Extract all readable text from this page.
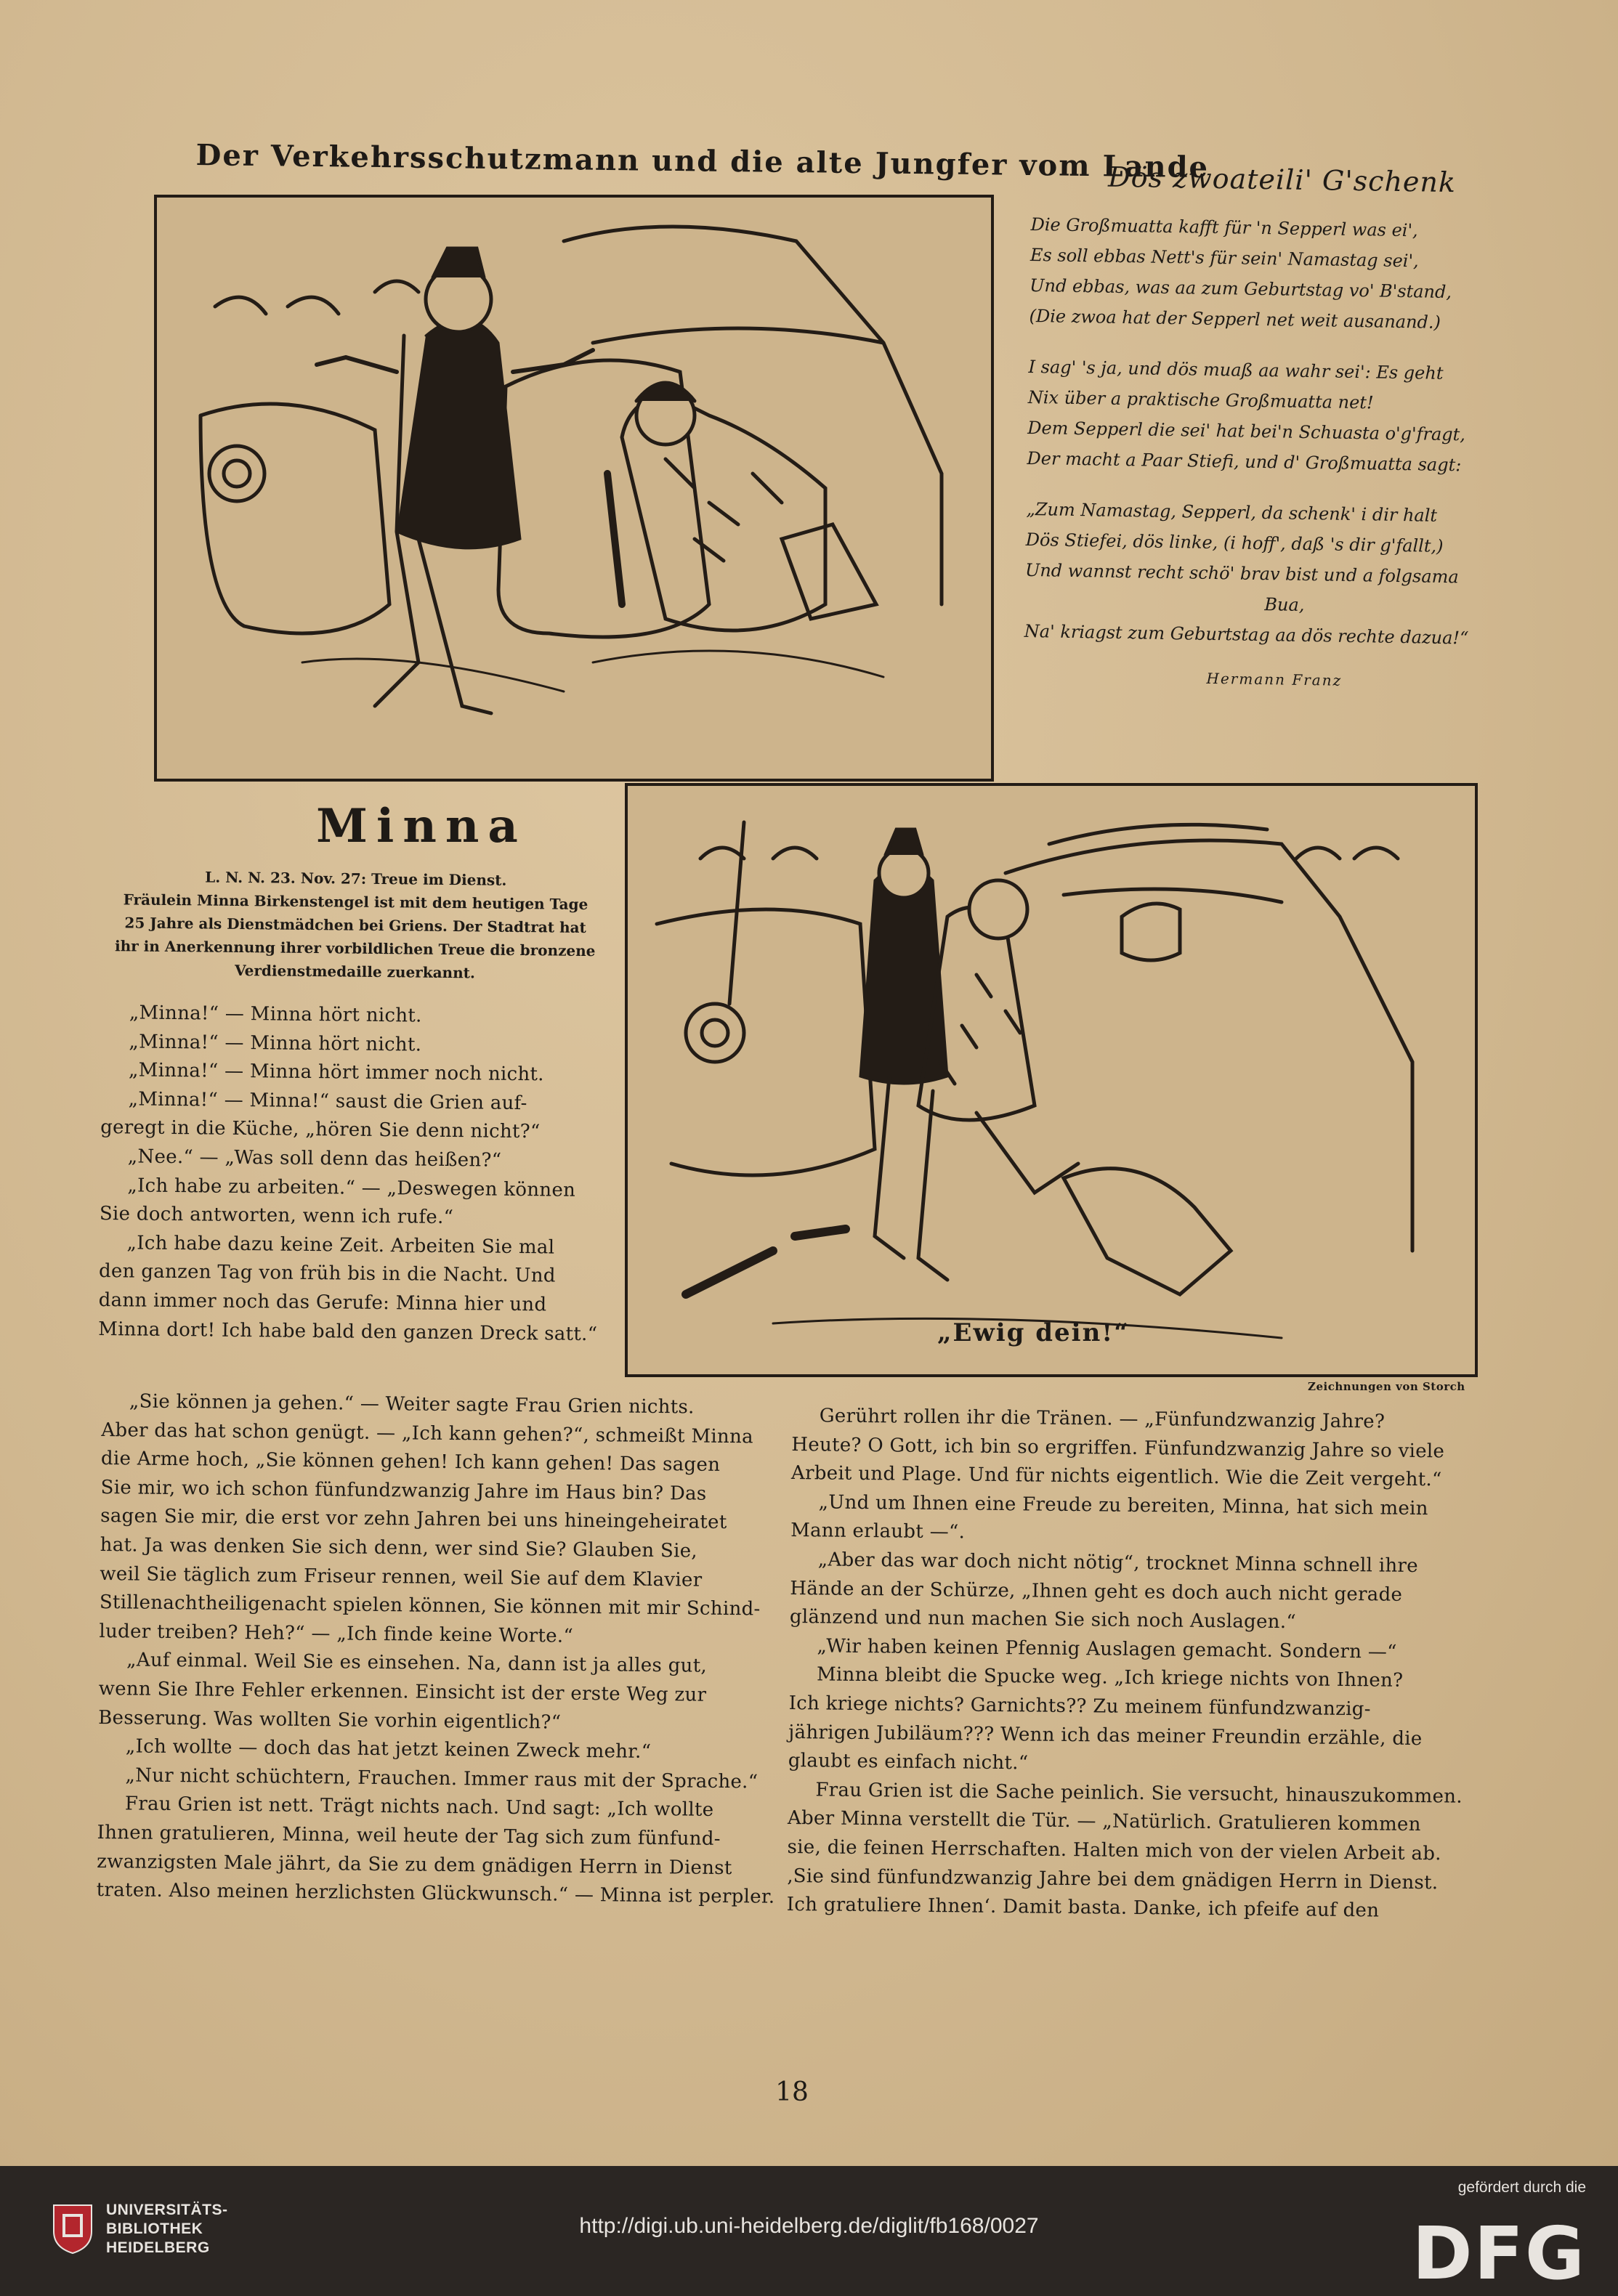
Der Verkehrsschutzmann und die alte Jungfer vom Lande
Dös zwoateili' G'schenk
Die Großmuatta kafft für 'n Sepperl was ei',
Es soll ebbas Nett's für sein' Namastag sei',
Und ebbas, was aa zum Geburtstag vo' B'stand,
(Die zwoa hat der Sepperl net weit ausanand.)
I sag' 's ja, und dös muaß aa wahr sei': Es geht
Nix über a praktische Großmuatta net!
Dem Sepperl die sei' hat bei'n Schuasta o'g'fragt,
Der macht a Paar Stiefi, und d' Großmuatta sagt:
„Zum Namastag, Sepperl, da schenk' i dir halt
Dös Stiefei, dös linke, (i hoff', daß 's dir g'fallt,)
Und wannst recht schö' brav bist und a folgsama
Bua,
Na' kriagst zum Geburtstag aa dös rechte dazua!“
Hermann Franz
Minna
L. N. N. 23. Nov. 27: Treue im Dienst.
Fräulein Minna Birkenstengel ist mit dem heutigen Tage
25 Jahre als Dienstmädchen bei Griens. Der Stadtrat hat
ihr in Anerkennung ihrer vorbildlichen Treue die bronzene
Verdienstmedaille zuerkannt.
„Ewig dein!“
Zeichnungen von Storch
„Minna!“ — Minna hört nicht.
„Minna!“ — Minna hört nicht.
„Minna!“ — Minna hört immer noch nicht.
„Minna!“ — Minna!“ saust die Grien auf-
geregt in die Küche, „hören Sie denn nicht?“
„Nee.“ — „Was soll denn das heißen?“
„Ich habe zu arbeiten.“ — „Deswegen können
Sie doch antworten, wenn ich rufe.“
„Ich habe dazu keine Zeit. Arbeiten Sie mal
den ganzen Tag von früh bis in die Nacht. Und
dann immer noch das Gerufe: Minna hier und
Minna dort! Ich habe bald den ganzen Dreck satt.“
„Sie können ja gehen.“ — Weiter sagte Frau Grien nichts.
Aber das hat schon genügt. — „Ich kann gehen?“, schmeißt Minna
die Arme hoch, „Sie können gehen! Ich kann gehen! Das sagen
Sie mir, wo ich schon fünfundzwanzig Jahre im Haus bin? Das
sagen Sie mir, die erst vor zehn Jahren bei uns hineingeheiratet
hat. Ja was denken Sie sich denn, wer sind Sie? Glauben Sie,
weil Sie täglich zum Friseur rennen, weil Sie auf dem Klavier
Stillenachtheiligenacht spielen können, Sie können mit mir Schind-
luder treiben? Heh?“ — „Ich finde keine Worte.“
„Auf einmal. Weil Sie es einsehen. Na, dann ist ja alles gut,
wenn Sie Ihre Fehler erkennen. Einsicht ist der erste Weg zur
Besserung. Was wollten Sie vorhin eigentlich?“
„Ich wollte — doch das hat jetzt keinen Zweck mehr.“
„Nur nicht schüchtern, Frauchen. Immer raus mit der Sprache.“
Frau Grien ist nett. Trägt nichts nach. Und sagt: „Ich wollte
Ihnen gratulieren, Minna, weil heute der Tag sich zum fünfund-
zwanzigsten Male jährt, da Sie zu dem gnädigen Herrn in Dienst
traten. Also meinen herzlichsten Glückwunsch.“ — Minna ist perpler.
Gerührt rollen ihr die Tränen. — „Fünfundzwanzig Jahre?
Heute? O Gott, ich bin so ergriffen. Fünfundzwanzig Jahre so viele
Arbeit und Plage. Und für nichts eigentlich. Wie die Zeit vergeht.“
„Und um Ihnen eine Freude zu bereiten, Minna, hat sich mein
Mann erlaubt —“.
„Aber das war doch nicht nötig“, trocknet Minna schnell ihre
Hände an der Schürze, „Ihnen geht es doch auch nicht gerade
glänzend und nun machen Sie sich noch Auslagen.“
„Wir haben keinen Pfennig Auslagen gemacht. Sondern —“
Minna bleibt die Spucke weg. „Ich kriege nichts von Ihnen?
Ich kriege nichts? Garnichts?? Zu meinem fünfundzwanzig-
jährigen Jubiläum??? Wenn ich das meiner Freundin erzähle, die
glaubt es einfach nicht.“
Frau Grien ist die Sache peinlich. Sie versucht, hinauszukommen.
Aber Minna verstellt die Tür. — „Natürlich. Gratulieren kommen
sie, die feinen Herrschaften. Halten mich von der vielen Arbeit ab.
‚Sie sind fünfundzwanzig Jahre bei dem gnädigen Herrn in Dienst.
Ich gratuliere Ihnen‘. Damit basta. Danke, ich pfeife auf den
18
UNIVERSITÄTS-
BIBLIOTHEK
HEIDELBERG
http://digi.ub.uni-heidelberg.de/diglit/fb168/0027
gefördert durch die
DFG
